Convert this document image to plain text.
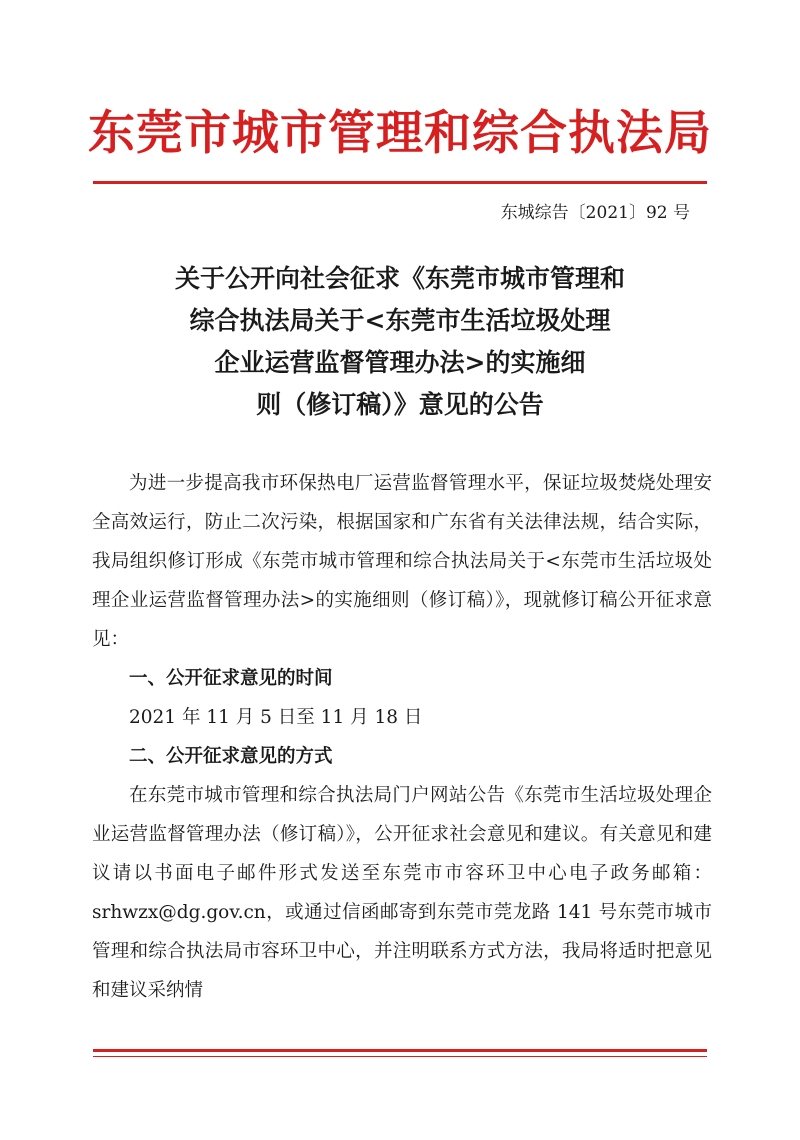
东莞市城市管理和综合执法局
东城综告〔2021〕92 号
关于公开向社会征求《东莞市城市管理和
综合执法局关于<东莞市生活垃圾处理
企业运营监督管理办法>的实施细
则（修订稿）》意见的公告

为进一步提高我市环保热电厂运营监督管理水平，保证垃圾焚烧处理安全高效运行，防止二次污染，根据国家和广东省有关法律法规，结合实际，我局组织修订形成《东莞市城市管理和综合执法局关于<东莞市生活垃圾处理企业运营监督管理办法>的实施细则（修订稿）》，现就修订稿公开征求意见：

一、公开征求意见的时间

2021 年 11 月 5 日至 11 月 18 日

二、公开征求意见的方式

在东莞市城市管理和综合执法局门户网站公告《东莞市生活垃圾处理企业运营监督管理办法（修订稿）》，公开征求社会意见和建议。有关意见和建议请以书面电子邮件形式发送至东莞市市容环卫中心电子政务邮箱：srhwzx@dg.gov.cn，或通过信函邮寄到东莞市莞龙路 141 号东莞市城市管理和综合执法局市容环卫中心，并注明联系方式方法，我局将适时把意见和建议采纳情
